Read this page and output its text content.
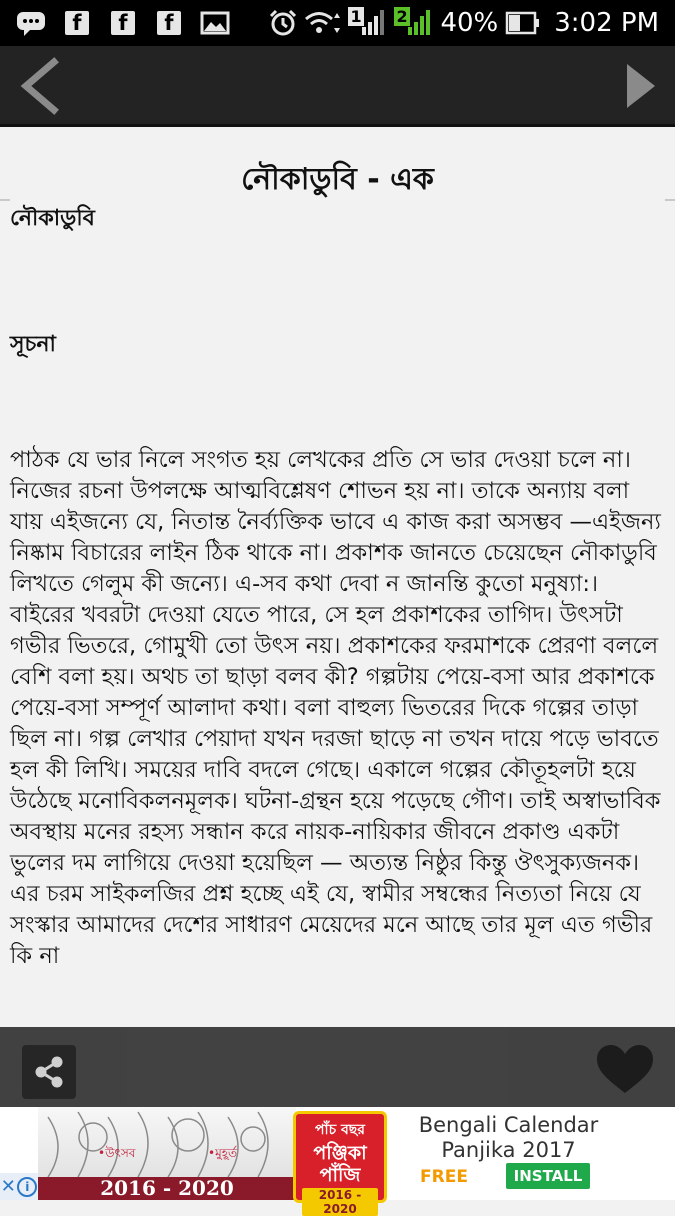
f	f	f	1 2 40% 3:02 PM
নৌকাডুবি - এক
নৌকাডুবি
সূচনা
পাঠক যে ভার নিলে সংগত হয় লেখকের প্রতি সে ভার দেওয়া চলে না। নিজের রচনা উপলক্ষে আত্মবিশ্লেষণ শোভন হয় না। তাকে অন্যায় বলা যায় এইজন্যে যে, নিতান্ত নৈর্ব্যক্তিক ভাবে এ কাজ করা অসম্ভব —এইজন্য নিষ্কাম বিচারের লাইন ঠিক থাকে না। প্রকাশক জানতে চেয়েছেন নৌকাডুবি লিখতে গেলুম কী জন্যে। এ-সব কথা দেবা ন জানন্তি কুতো মনুষ্যা:। বাইরের খবরটা দেওয়া যেতে পারে, সে হল প্রকাশকের তাগিদ। উৎসটা গভীর ভিতরে, গোমুখী তো উৎস নয়। প্রকাশকের ফরমাশকে প্রেরণা বললে বেশি বলা হয়। অথচ তা ছাড়া বলব কী? গল্পটায় পেয়ে-বসা আর প্রকাশকে পেয়ে-বসা সম্পূর্ণ আলাদা কথা। বলা বাহুল্য ভিতরের দিকে গল্পের তাড়া ছিল না। গল্প লেখার পেয়াদা যখন দরজা ছাড়ে না তখন দায়ে পড়ে ভাবতে হল কী লিখি। সময়ের দাবি বদলে গেছে। একালে গল্পের কৌতূহলটা হয়ে উঠেছে মনোবিকলনমূলক। ঘটনা-গ্রন্থন হয়ে পড়েছে গৌণ। তাই অস্বাভাবিক অবস্থায় মনের রহস্য সন্ধান করে নায়ক-নায়িকার জীবনে প্রকাণ্ড একটা ভুলের দম লাগিয়ে দেওয়া হয়েছিল — অত্যন্ত নিষ্ঠুর কিন্তু ঔৎসুক্যজনক। এর চরম সাইকলজির প্রশ্ন হচ্ছে এই যে, স্বামীর সম্বন্ধের নিত্যতা নিয়ে যে সংস্কার আমাদের দেশের সাধারণ মেয়েদের মনে আছে তার মূল এত গভীর কি না
✕ i
•উৎসব	•মুহূর্ত
2016 - 2020
পাঁচ বছর
পঞ্জিকা
পাঁজি
2016 - 2020
Bengali Calendar Panjika 2017
FREE	INSTALL
